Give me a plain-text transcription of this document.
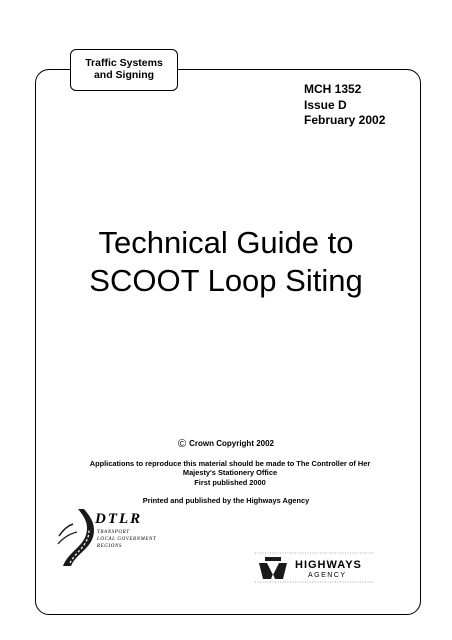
Traffic Systems
and Signing
MCH 1352
Issue D
February 2002
Technical Guide to
SCOOT Loop Siting
© Crown Copyright 2002
Applications to reproduce this material should be made to The Controller of Her
Majesty's Stationery Office
First published 2000
Printed and published by the Highways Agency
DTLR
TRANSPORT
LOCAL GOVERNMENT
REGIONS
HIGHWAYS
AGENCY
